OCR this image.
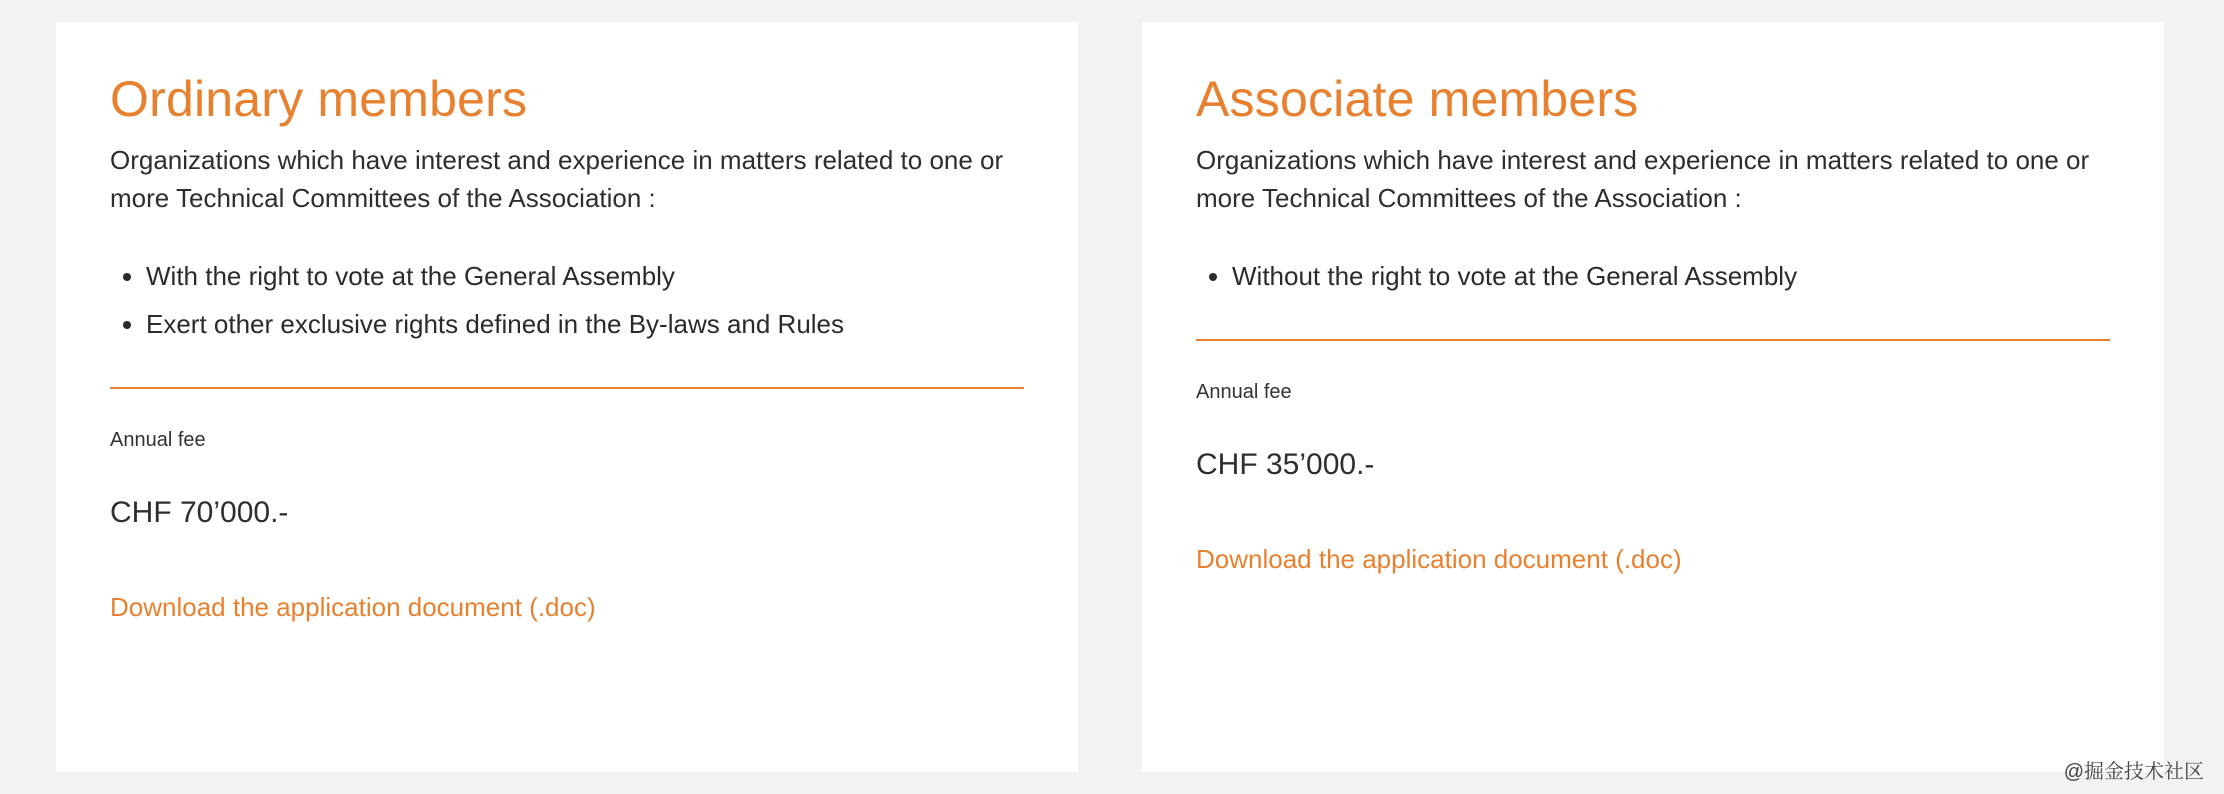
Ordinary members

Organizations which have interest and experience in matters related to one or more Technical Committees of the Association :

• With the right to vote at the General Assembly
• Exert other exclusive rights defined in the By-laws and Rules
Annual fee
CHF 70’000.-
Download the application document (.doc)
Associate members

Organizations which have interest and experience in matters related to one or more Technical Committees of the Association :

• Without the right to vote at the General Assembly
Annual fee
CHF 35’000.-
Download the application document (.doc)
@掘金技术社区
